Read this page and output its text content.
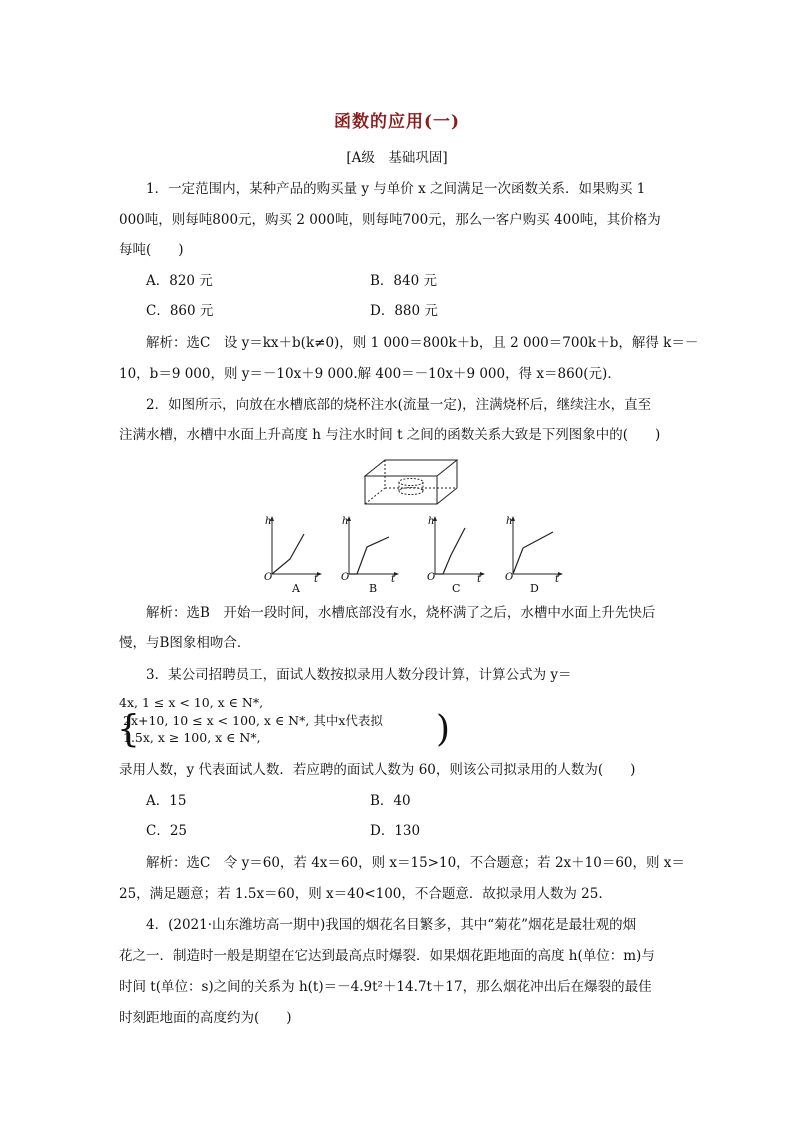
函数的应用(一)
[A级　基础巩固]
1．一定范围内，某种产品的购买量 y 与单价 x 之间满足一次函数关系．如果购买 1
000吨，则每吨800元，购买 2 000吨，则每吨700元，那么一客户购买 400吨，其价格为
每吨(　　)
A．820 元	B．840 元
C．860 元	D．880 元
解析：选C　设 y＝kx＋b(k≠0)，则 1 000＝800k＋b，且 2 000＝700k＋b，解得 k＝－
10，b＝9 000，则 y＝－10x＋9 000.解 400＝－10x＋9 000，得 x＝860(元)．
2．如图所示，向放在水槽底部的烧杯注水(流量一定)，注满烧杯后，继续注水，直至
注满水槽，水槽中水面上升高度 h 与注水时间 t 之间的函数关系大致是下列图象中的(　　)
h
O	t
A
h
O	t
B
h
O	t
C
h
O	t
D
解析：选B　开始一段时间，水槽底部没有水，烧杯满了之后，水槽中水面上升先快后
慢，与B图象相吻合．
3．某公司招聘员工，面试人数按拟录用人数分段计算，计算公式为 y＝
4x, 1 ≤ x < 10, x ∈ N*,
{
2x+10, 10 ≤ x < 100, x ∈ N*, 其中x代表拟
1.5x, x ≥ 100, x ∈ N*,	)
录用人数，y 代表面试人数．若应聘的面试人数为 60，则该公司拟录用的人数为(　　)
A．15	B．40
C．25	D．130
解析：选C　令 y＝60，若 4x＝60，则 x＝15>10，不合题意；若 2x＋10＝60，则 x＝
25，满足题意；若 1.5x＝60，则 x＝40<100，不合题意．故拟录用人数为 25.
4．(2021·山东潍坊高一期中)我国的烟花名目繁多，其中“菊花”烟花是最壮观的烟
花之一．制造时一般是期望在它达到最高点时爆裂．如果烟花距地面的高度 h(单位：m)与
时间 t(单位：s)之间的关系为 h(t)＝－4.9t²＋14.7t＋17，那么烟花冲出后在爆裂的最佳
时刻距地面的高度约为(　　)
